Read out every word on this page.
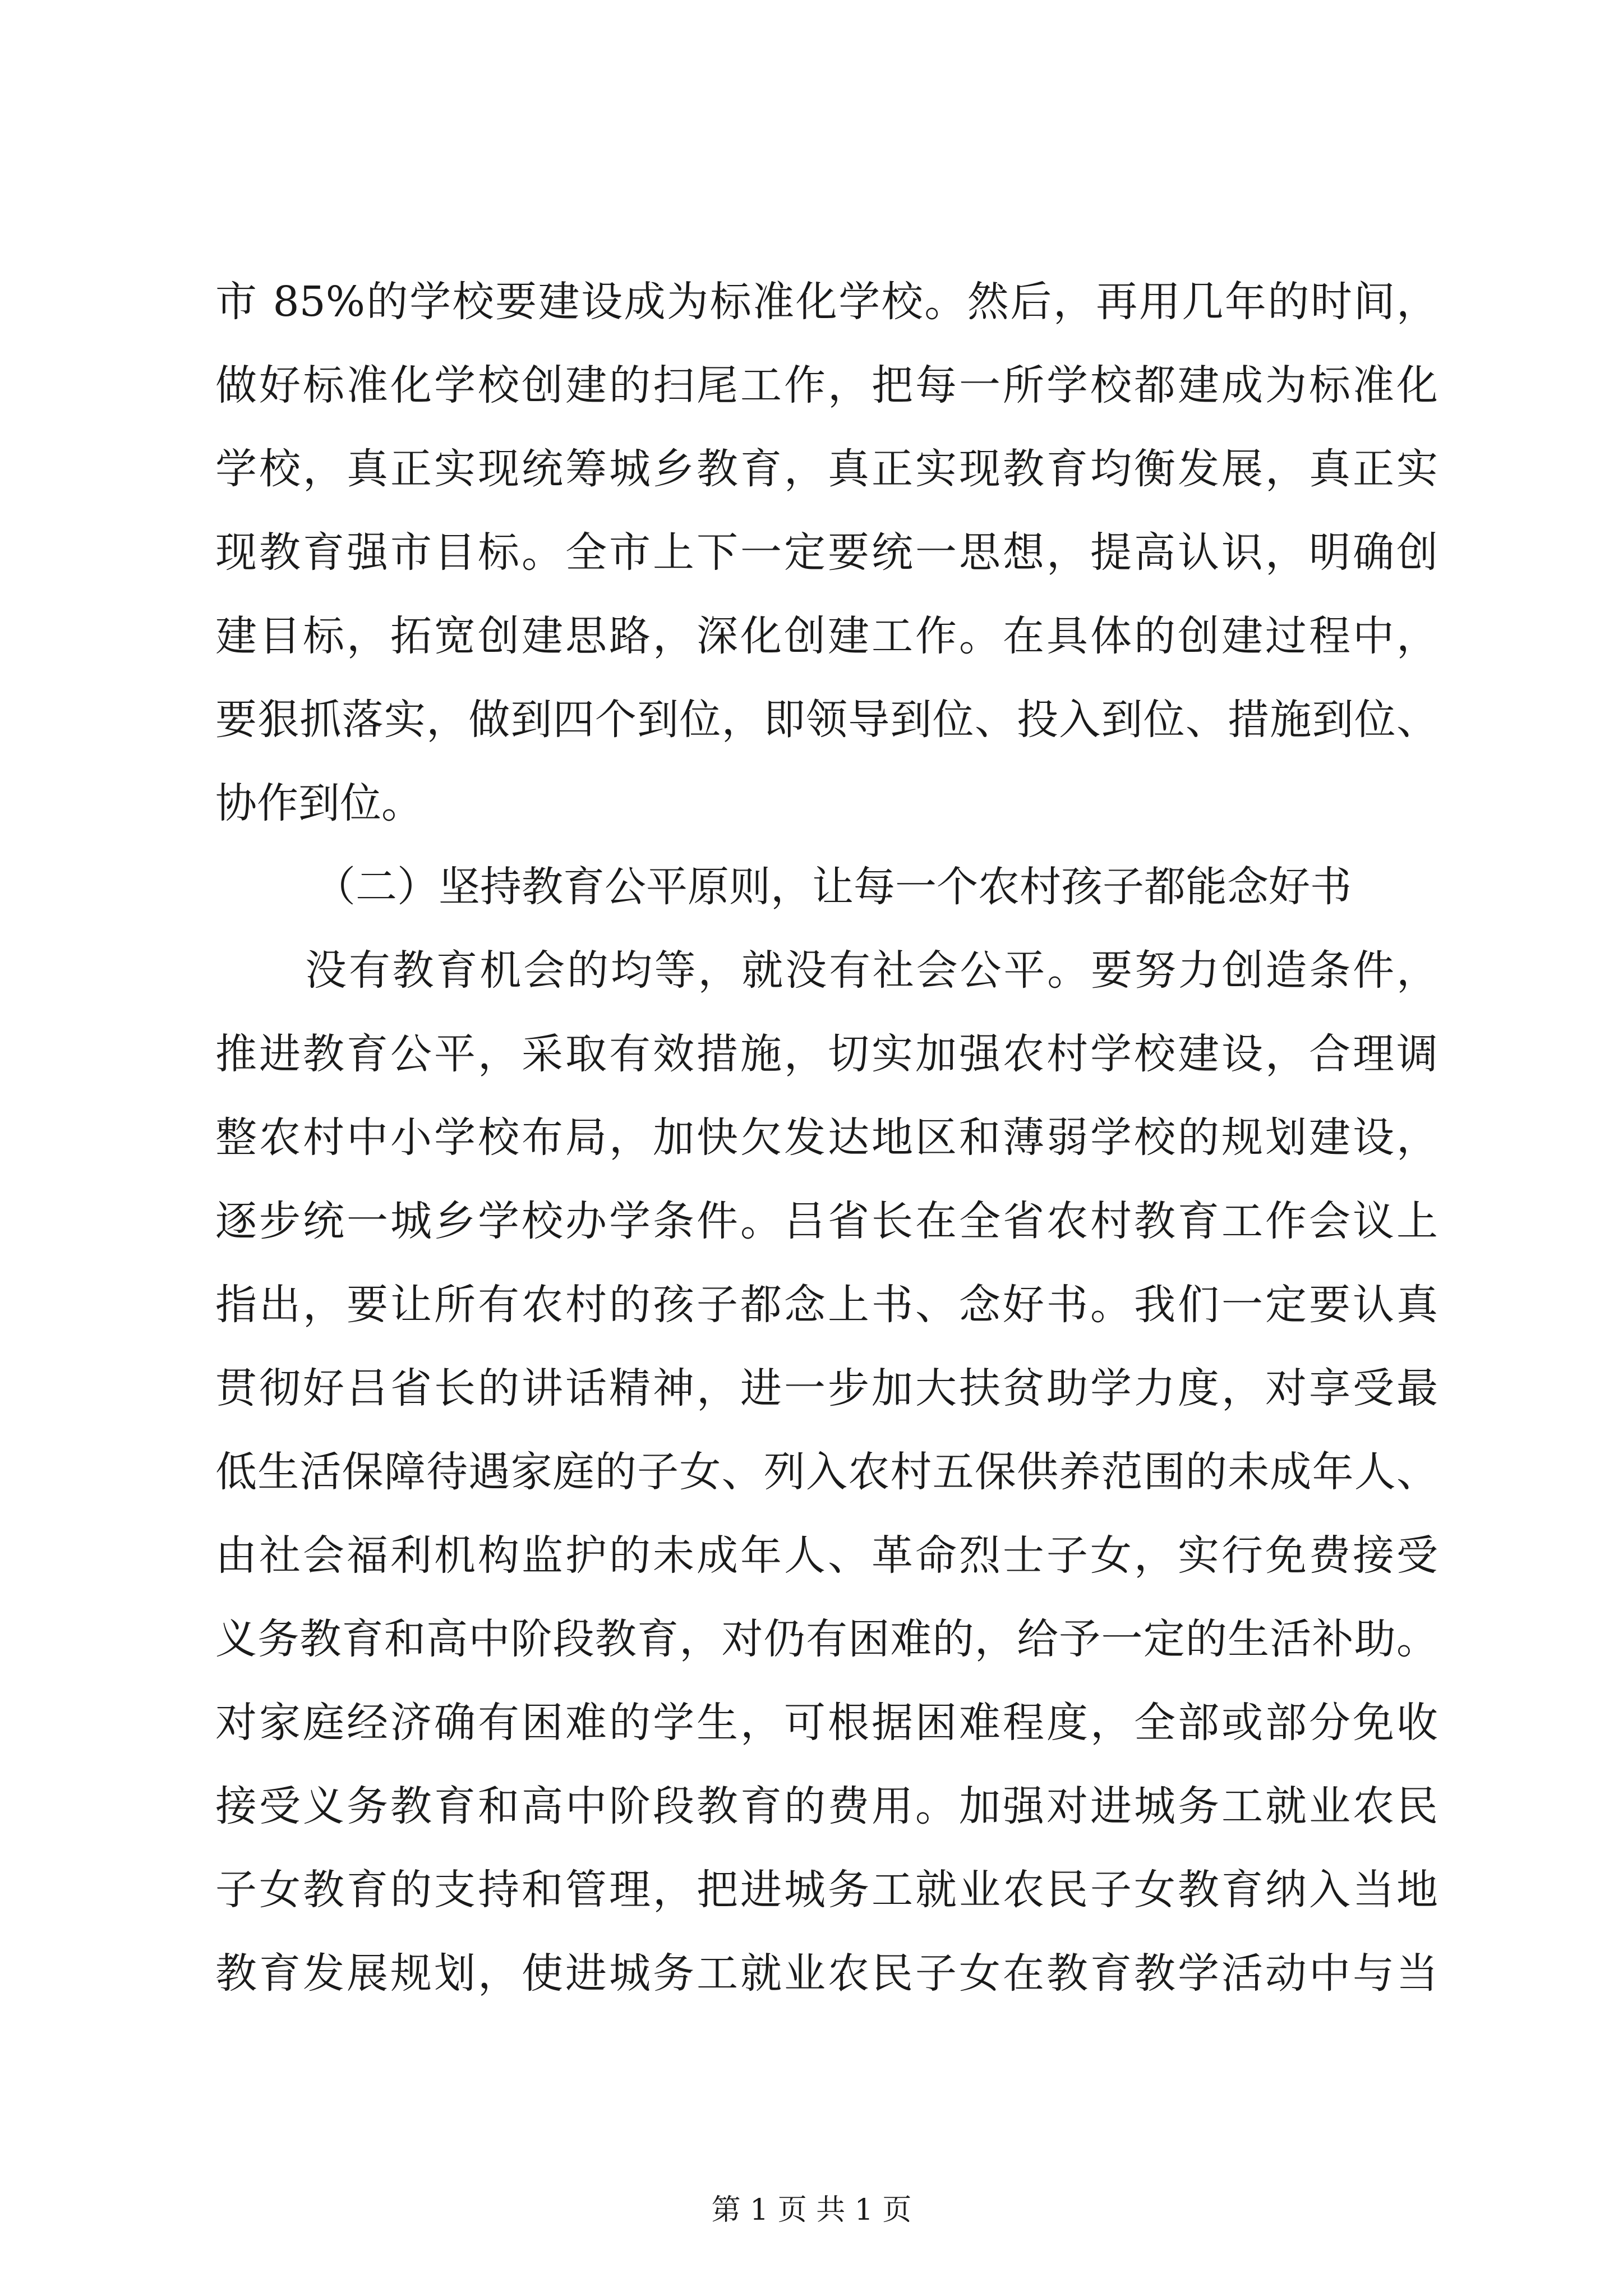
市 85%的学校要建设成为标准化学校。然后，再用几年的时间，
做好标准化学校创建的扫尾工作，把每一所学校都建成为标准化
学校，真正实现统筹城乡教育，真正实现教育均衡发展，真正实
现教育强市目标。全市上下一定要统一思想，提高认识，明确创
建目标，拓宽创建思路，深化创建工作。在具体的创建过程中，
要狠抓落实，做到四个到位，即领导到位、投入到位、措施到位、
协作到位。
（二）坚持教育公平原则，让每一个农村孩子都能念好书
没有教育机会的均等，就没有社会公平。要努力创造条件，
推进教育公平，采取有效措施，切实加强农村学校建设，合理调
整农村中小学校布局，加快欠发达地区和薄弱学校的规划建设，
逐步统一城乡学校办学条件。吕省长在全省农村教育工作会议上
指出，要让所有农村的孩子都念上书、念好书。我们一定要认真
贯彻好吕省长的讲话精神，进一步加大扶贫助学力度，对享受最
低生活保障待遇家庭的子女、列入农村五保供养范围的未成年人、
由社会福利机构监护的未成年人、革命烈士子女，实行免费接受
义务教育和高中阶段教育，对仍有困难的，给予一定的生活补助。
对家庭经济确有困难的学生，可根据困难程度，全部或部分免收
接受义务教育和高中阶段教育的费用。加强对进城务工就业农民
子女教育的支持和管理，把进城务工就业农民子女教育纳入当地
教育发展规划，使进城务工就业农民子女在教育教学活动中与当
第 1 页 共 1 页
